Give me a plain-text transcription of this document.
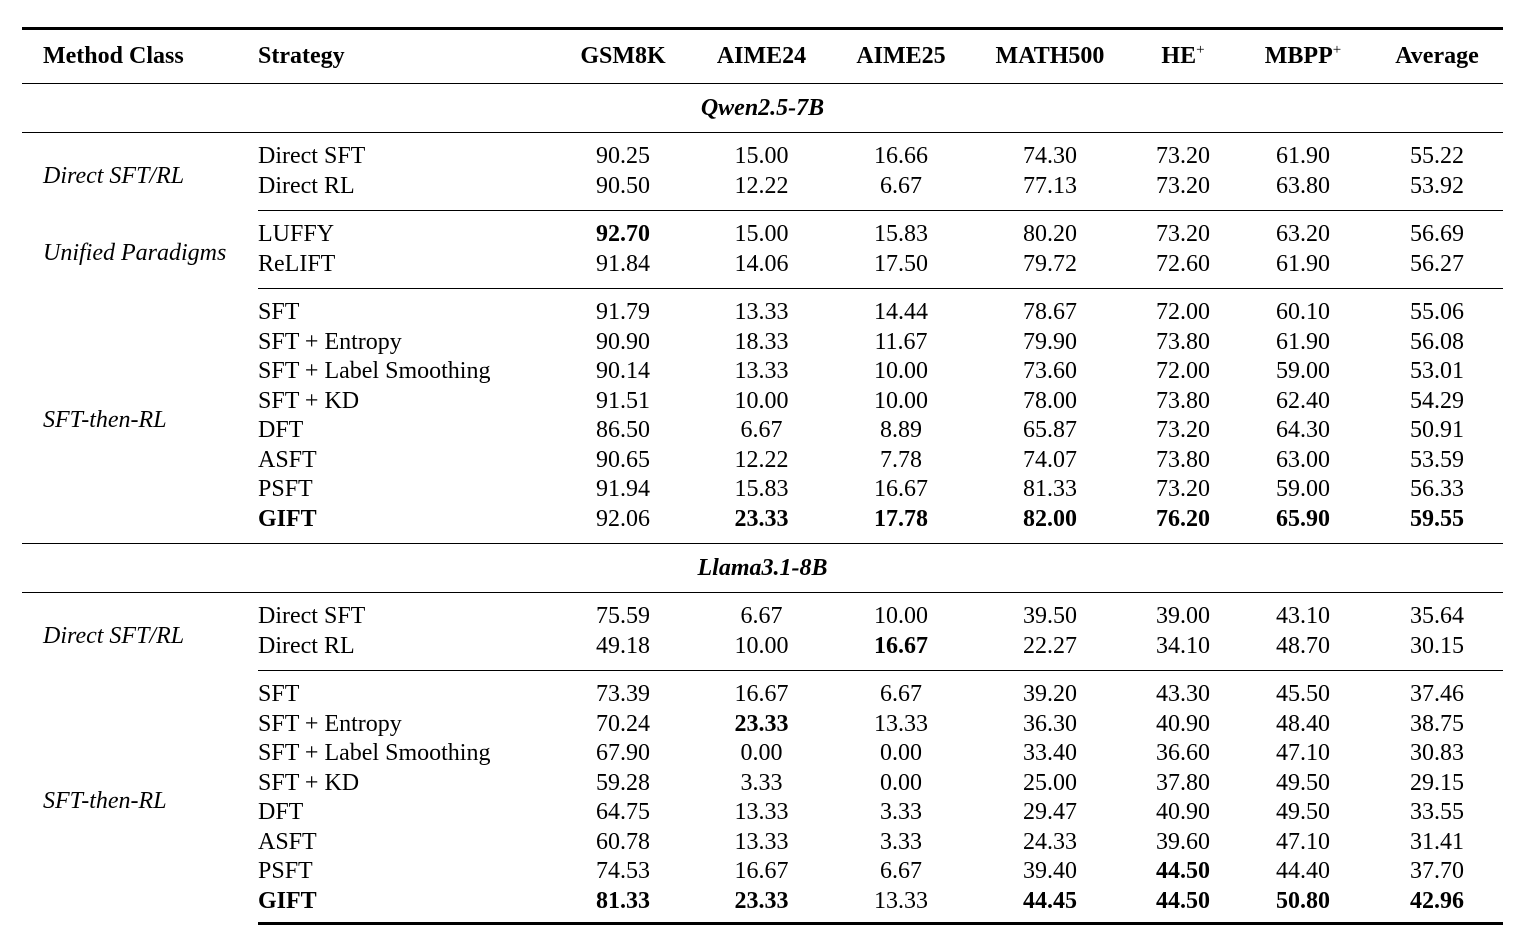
Method Class	Strategy	GSM8K	AIME24	AIME25	MATH500	HE+	MBPP+	Average
Qwen2.5-7B								
Direct SFT/RL	Direct SFT	90.25	15.00	16.66	74.30	73.20	61.90	55.22
	Direct RL	90.50	12.22	6.67	77.13	73.20	63.80	53.92
Unified Paradigms	LUFFY	92.70	15.00	15.83	80.20	73.20	63.20	56.69
	ReLIFT	91.84	14.06	17.50	79.72	72.60	61.90	56.27
SFT-then-RL	SFT	91.79	13.33	14.44	78.67	72.00	60.10	55.06
	SFT + Entropy	90.90	18.33	11.67	79.90	73.80	61.90	56.08
	SFT + Label Smoothing	90.14	13.33	10.00	73.60	72.00	59.00	53.01
	SFT + KD	91.51	10.00	10.00	78.00	73.80	62.40	54.29
	DFT	86.50	6.67	8.89	65.87	73.20	64.30	50.91
	ASFT	90.65	12.22	7.78	74.07	73.80	63.00	53.59
	PSFT	91.94	15.83	16.67	81.33	73.20	59.00	56.33
	GIFT	92.06	23.33	17.78	82.00	76.20	65.90	59.55
Llama3.1-8B								
Direct SFT/RL	Direct SFT	75.59	6.67	10.00	39.50	39.00	43.10	35.64
	Direct RL	49.18	10.00	16.67	22.27	34.10	48.70	30.15
SFT-then-RL	SFT	73.39	16.67	6.67	39.20	43.30	45.50	37.46
	SFT + Entropy	70.24	23.33	13.33	36.30	40.90	48.40	38.75
	SFT + Label Smoothing	67.90	0.00	0.00	33.40	36.60	47.10	30.83
	SFT + KD	59.28	3.33	0.00	25.00	37.80	49.50	29.15
	DFT	64.75	13.33	3.33	29.47	40.90	49.50	33.55
	ASFT	60.78	13.33	3.33	24.33	39.60	47.10	31.41
	PSFT	74.53	16.67	6.67	39.40	44.50	44.40	37.70
	GIFT	81.33	23.33	13.33	44.45	44.50	50.80	42.96
